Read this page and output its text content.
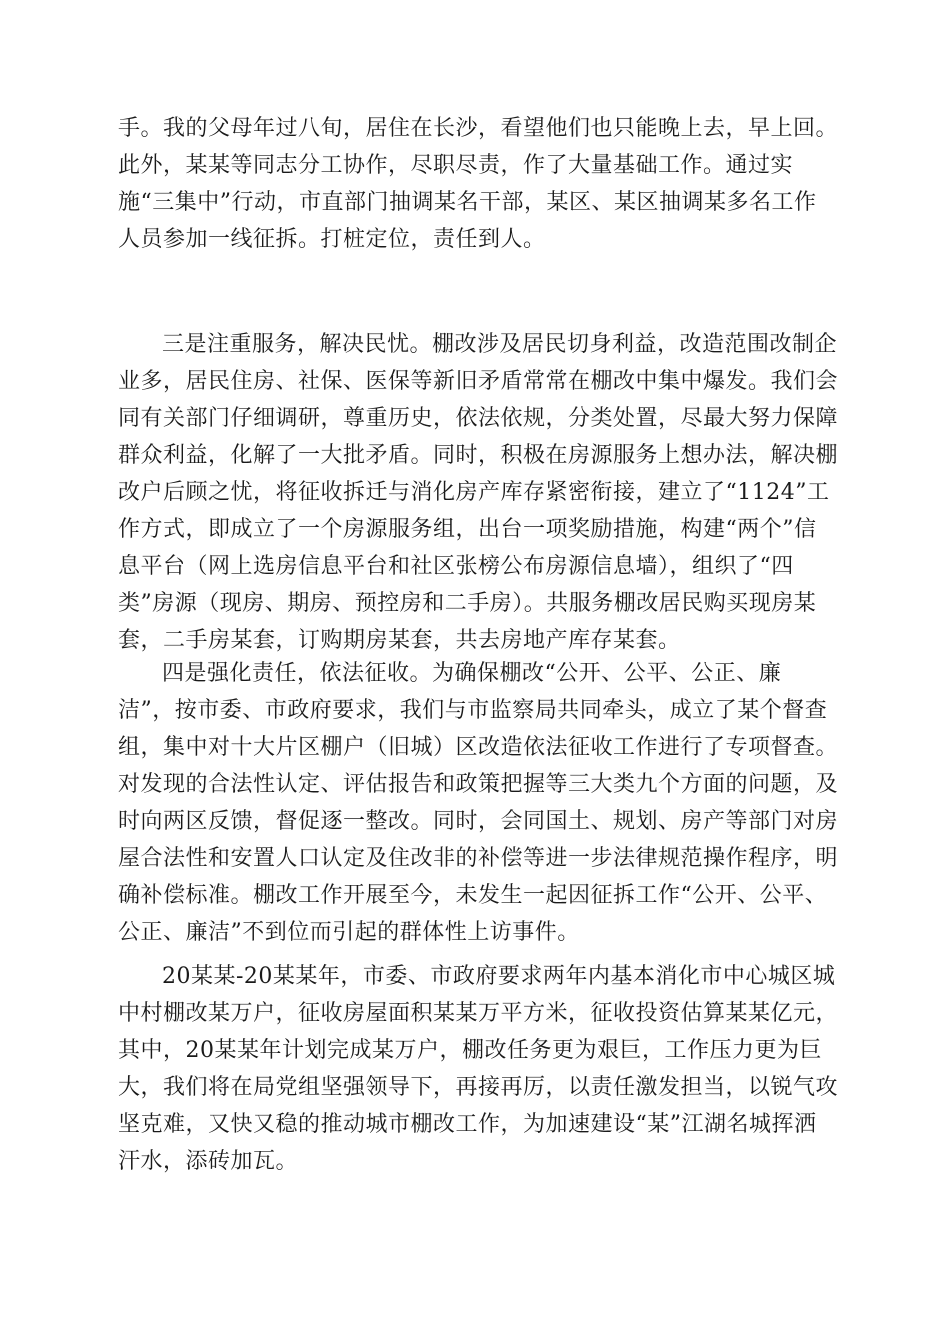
手。我的父母年过八旬，居住在长沙，看望他们也只能晚上去，早上回。
此外，某某等同志分工协作，尽职尽责，作了大量基础工作。通过实
施“三集中”行动，市直部门抽调某名干部，某区、某区抽调某多名工作
人员参加一线征拆。打桩定位，责任到人。
三是注重服务，解决民忧。棚改涉及居民切身利益，改造范围改制企
业多，居民住房、社保、医保等新旧矛盾常常在棚改中集中爆发。我们会
同有关部门仔细调研，尊重历史，依法依规，分类处置，尽最大努力保障
群众利益，化解了一大批矛盾。同时，积极在房源服务上想办法，解决棚
改户后顾之忧，将征收拆迁与消化房产库存紧密衔接，建立了“1124”工
作方式，即成立了一个房源服务组，出台一项奖励措施，构建“两个”信
息平台（网上选房信息平台和社区张榜公布房源信息墙），组织了“四
类”房源（现房、期房、预控房和二手房）。共服务棚改居民购买现房某
套，二手房某套，订购期房某套，共去房地产库存某套。
四是强化责任，依法征收。为确保棚改“公开、公平、公正、廉
洁”，按市委、市政府要求，我们与市监察局共同牵头，成立了某个督查
组，集中对十大片区棚户（旧城）区改造依法征收工作进行了专项督查。
对发现的合法性认定、评估报告和政策把握等三大类九个方面的问题，及
时向两区反馈，督促逐一整改。同时，会同国土、规划、房产等部门对房
屋合法性和安置人口认定及住改非的补偿等进一步法律规范操作程序，明
确补偿标准。棚改工作开展至今，未发生一起因征拆工作“公开、公平、
公正、廉洁”不到位而引起的群体性上访事件。
20某某-20某某年，市委、市政府要求两年内基本消化市中心城区城
中村棚改某万户，征收房屋面积某某万平方米，征收投资估算某某亿元，
其中，20某某年计划完成某万户，棚改任务更为艰巨，工作压力更为巨
大，我们将在局党组坚强领导下，再接再厉，以责任激发担当，以锐气攻
坚克难，又快又稳的推动城市棚改工作，为加速建设“某”江湖名城挥洒
汗水，添砖加瓦。
